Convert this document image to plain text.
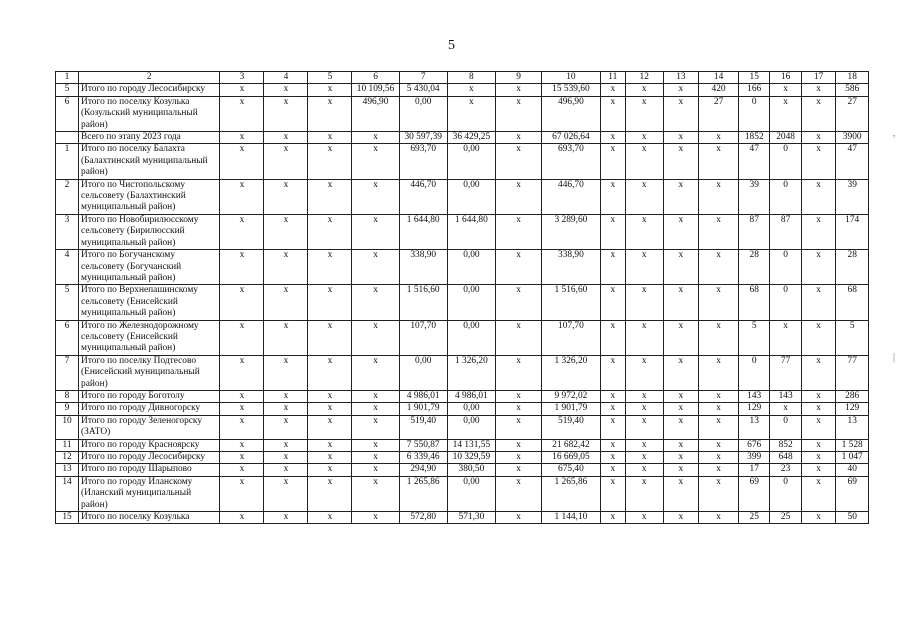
5
1	2	3	4	5	6	7	8	9	10	11	12	13	14	15	16	17	18
5	Итого по городу Лесосибирску	x	x	x	10 109,56	5 430,04	x	x	15 539,60	x	x	x	420	166	x	x	586
6	Итого по поселку Козулька (Козульский муниципальный район)	x	x	x	496,90	0,00	x	x	496,90	x	x	x	27	0	x	x	27
	Всего по этапу 2023 года	x	x	x	x	30 597,39	36 429,25	x	67 026,64	x	x	x	x	1852	2048	x	3900
1	Итого по поселку Балахта (Балахтинский муниципальный район)	x	x	x	x	693,70	0,00	x	693,70	x	x	x	x	47	0	x	47
2	Итого по Чистопольскому сельсовету (Балахтинский муниципальный район)	x	x	x	x	446,70	0,00	x	446,70	x	x	x	x	39	0	x	39
3	Итого по Новобирилюсскому сельсовету (Бирилюсский муниципальный район)	x	x	x	x	1 644,80	1 644,80	x	3 289,60	x	x	x	x	87	87	x	174
4	Итого по Богучанскому сельсовету (Богучанский муниципальный район)	x	x	x	x	338,90	0,00	x	338,90	x	x	x	x	28	0	x	28
5	Итого по Верхнепашинскому сельсовету (Енисейский муниципальный район)	x	x	x	x	1 516,60	0,00	x	1 516,60	x	x	x	x	68	0	x	68
6	Итого по Железнодорожному сельсовету (Енисейский муниципальный район)	x	x	x	x	107,70	0,00	x	107,70	x	x	x	x	5	x	x	5
7	Итого по поселку Подтесово (Енисейский муниципальный район)	x	x	x	x	0,00	1 326,20	x	1 326,20	x	x	x	x	0	77	x	77
8	Итого по городу Боготолу	x	x	x	x	4 986,01	4 986,01	x	9 972,02	x	x	x	x	143	143	x	286
9	Итого по городу Дивногорску	x	x	x	x	1 901,79	0,00	x	1 901,79	x	x	x	x	129	x	x	129
10	Итого по городу Зеленогорску (ЗАТО)	x	x	x	x	519,40	0,00	x	519,40	x	x	x	x	13	0	x	13
11	Итого по городу Красноярску	x	x	x	x	7 550,87	14 131,55	x	21 682,42	x	x	x	x	676	852	x	1 528
12	Итого по городу Лесосибирску	x	x	x	x	6 339,46	10 329,59	x	16 669,05	x	x	x	x	399	648	x	1 047
13	Итого по городу Шарыпово	x	x	x	x	294,90	380,50	x	675,40	x	x	x	x	17	23	x	40
14	Итого по городу Иланскому (Иланский муниципальный район)	x	x	x	x	1 265,86	0,00	x	1 265,86	x	x	x	x	69	0	x	69
15	Итого по поселку Козулька	x	x	x	x	572,80	571,30	x	1 144,10	x	x	x	x	25	25	x	50
,
|
